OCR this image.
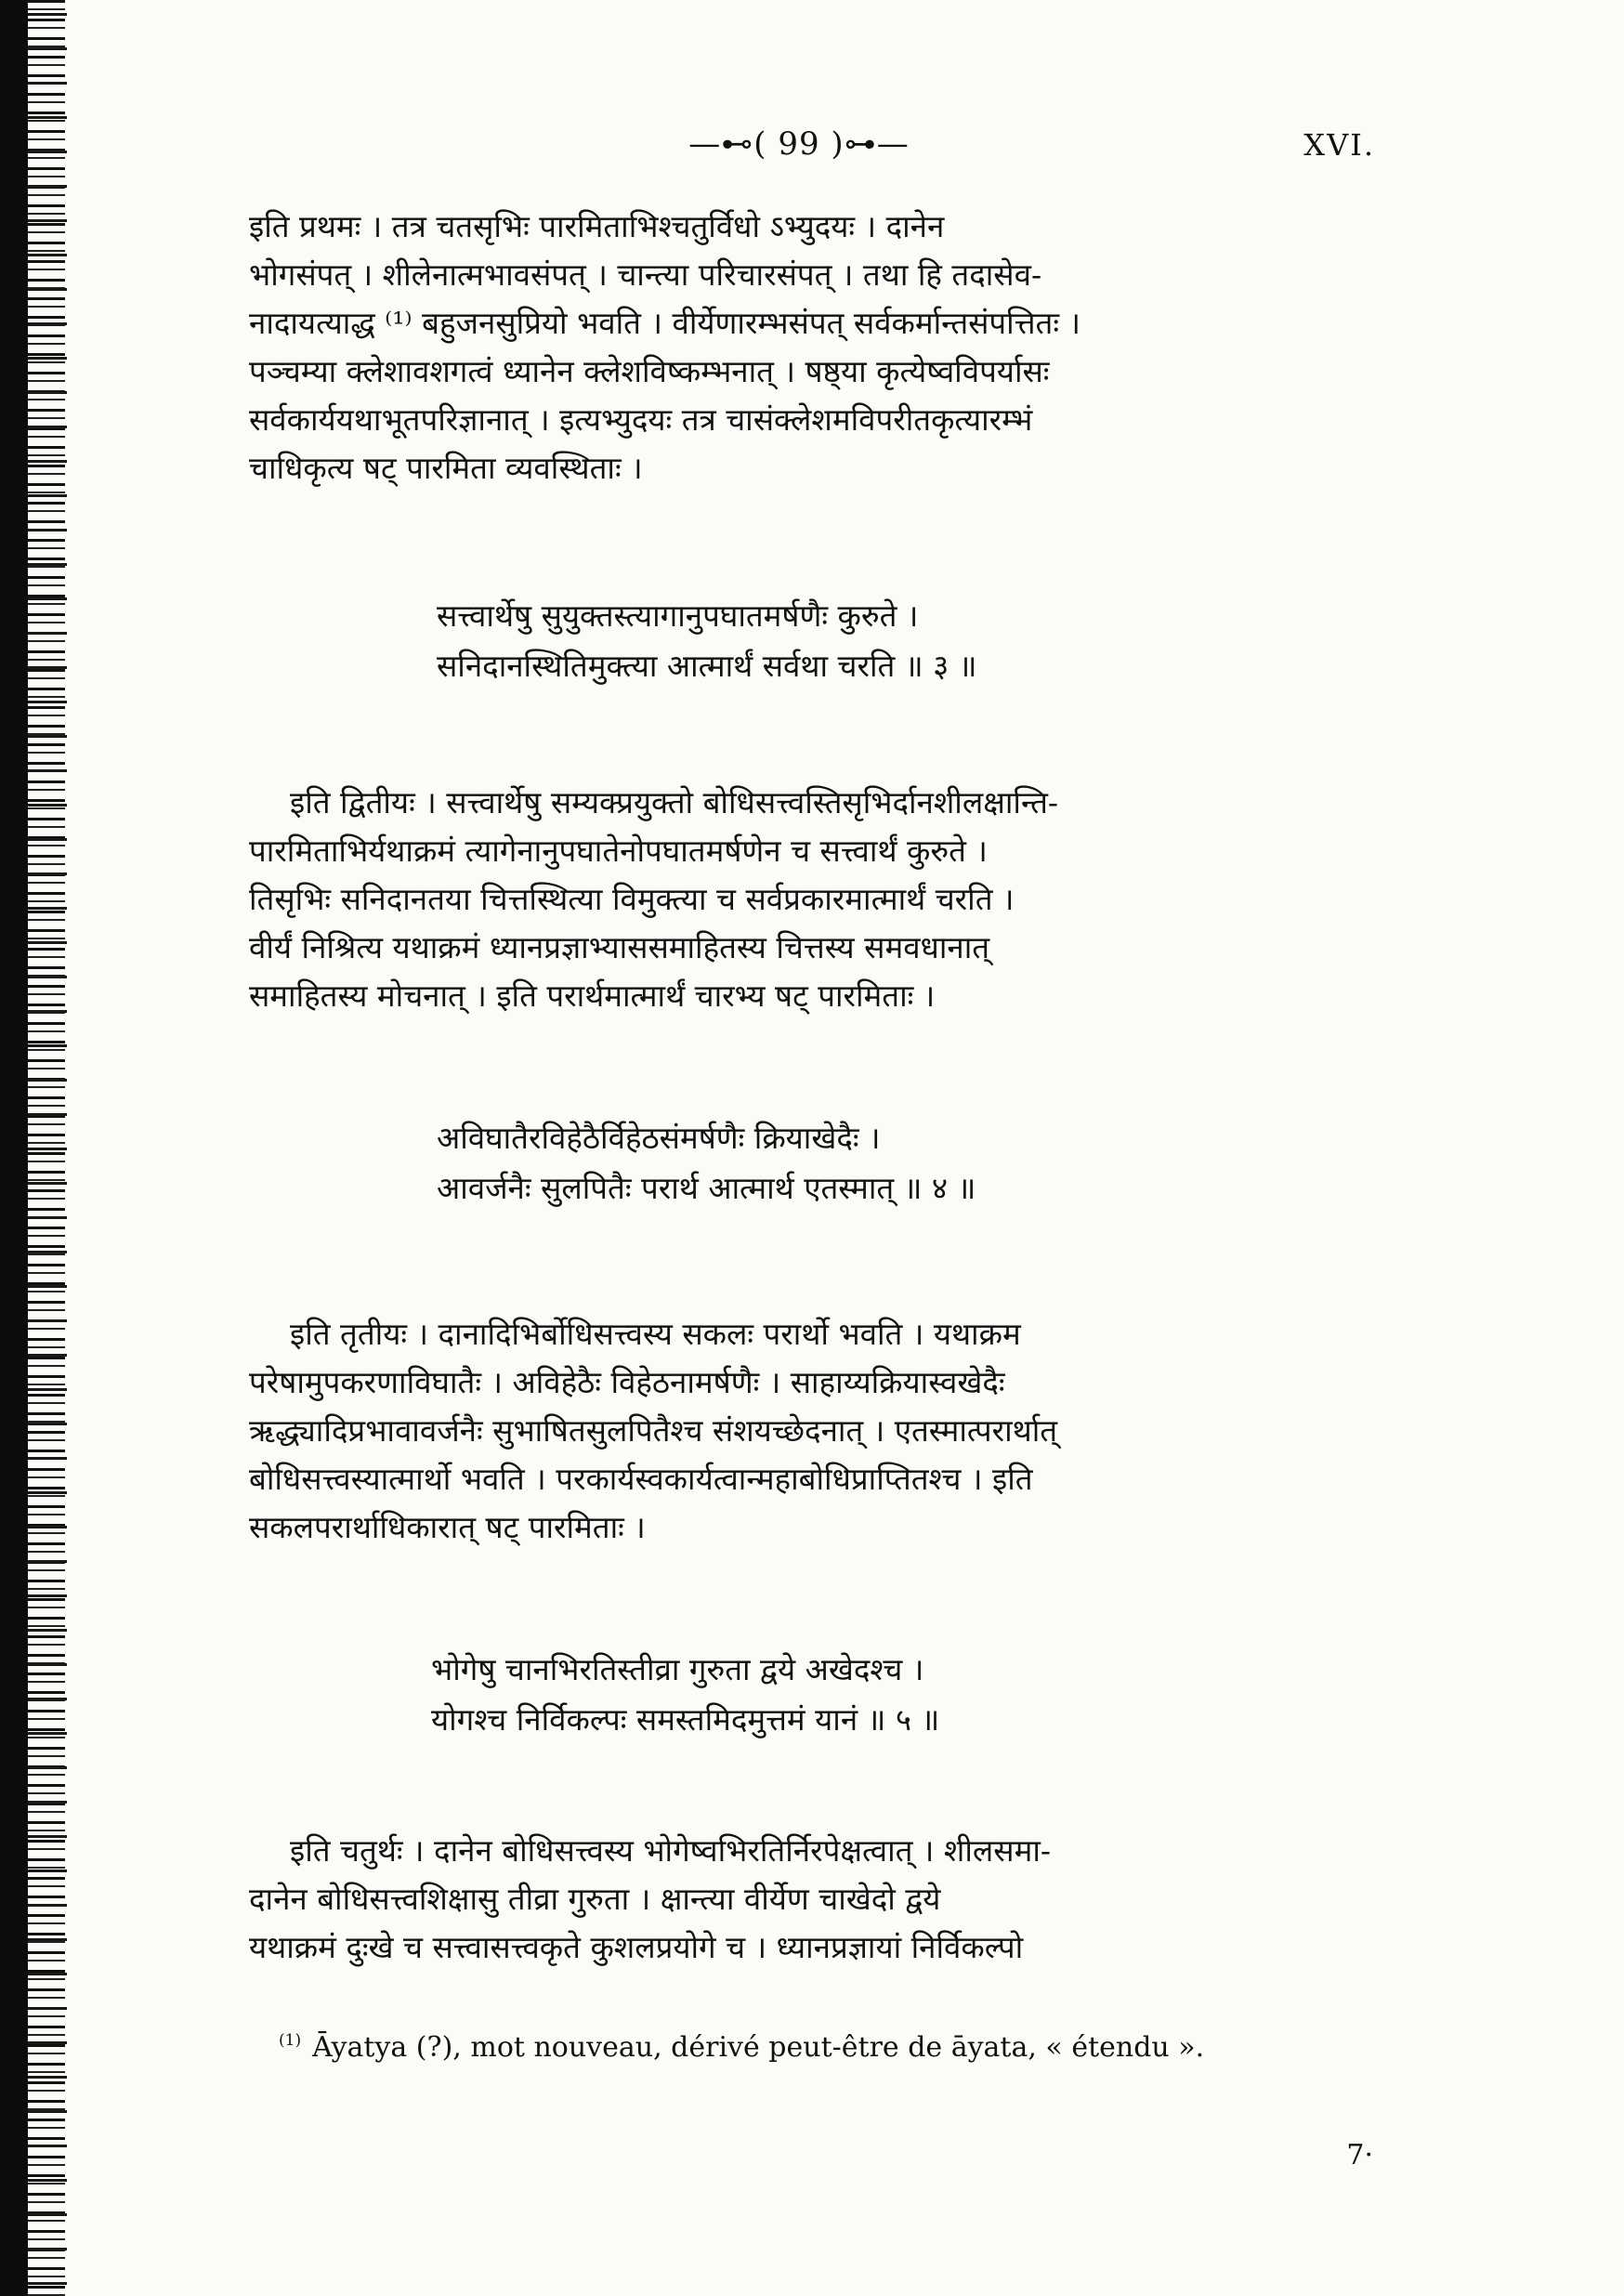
—⊷( 99 )⊶—	XVI.
इति प्रथमः । तत्र चतसृभिः पारमिताभिश्चतुर्विधो ऽभ्युदयः । दानेन
भोगसंपत् । शीलेनात्मभावसंपत् । चान्त्या परिचारसंपत् । तथा हि तदासेव-
नादायत्याद्ध ⁽¹⁾ बहुजनसुप्रियो भवति । वीर्येणारम्भसंपत् सर्वकर्मान्तसंपत्तितः ।
पञ्चम्या क्लेशावशगत्वं ध्यानेन क्लेशविष्कम्भनात् । षष्ठ्या कृत्येष्वविपर्यासः
सर्वकार्ययथाभूतपरिज्ञानात् । इत्यभ्युदयः तत्र चासंक्लेशमविपरीतकृत्यारम्भं
चाधिकृत्य षट् पारमिता व्यवस्थिताः ।
सत्त्वार्थेषु सुयुक्तस्त्यागानुपघातमर्षणैः कुरुते ।
सनिदानस्थितिमुक्त्या आत्मार्थं सर्वथा चरति ॥ ३ ॥
इति द्वितीयः । सत्त्वार्थेषु सम्यक्प्रयुक्तो बोधिसत्त्वस्तिसृभिर्दानशीलक्षान्ति-
पारमिताभिर्यथाक्रमं त्यागेनानुपघातेनोपघातमर्षणेन च सत्त्वार्थं कुरुते ।
तिसृभिः सनिदानतया चित्तस्थित्या विमुक्त्या च सर्वप्रकारमात्मार्थं चरति ।
वीर्यं निश्रित्य यथाक्रमं ध्यानप्रज्ञाभ्याससमाहितस्य चित्तस्य समवधानात्
समाहितस्य मोचनात् । इति परार्थमात्मार्थं चारभ्य षट् पारमिताः ।
अविघातैरविहेठैर्विहेठसंमर्षणैः क्रियाखेदैः ।
आवर्जनैः सुलपितैः परार्थ आत्मार्थ एतस्मात् ॥ ४ ॥
इति तृतीयः । दानादिभिर्बोधिसत्त्वस्य सकलः परार्थो भवति । यथाक्रम
परेषामुपकरणाविघातैः । अविहेठैः विहेठनामर्षणैः । साहाय्यक्रियास्वखेदैः
ऋद्ध्यादिप्रभावावर्जनैः सुभाषितसुलपितैश्च संशयच्छेदनात् । एतस्मात्परार्थात्
बोधिसत्त्वस्यात्मार्थो भवति । परकार्यस्वकार्यत्वान्महाबोधिप्राप्तितश्च । इति
सकलपरार्थाधिकारात् षट् पारमिताः ।
भोगेषु चानभिरतिस्तीव्रा गुरुता द्वये अखेदश्च ।
योगश्च निर्विकल्पः समस्तमिदमुत्तमं यानं ॥ ५ ॥
इति चतुर्थः । दानेन बोधिसत्त्वस्य भोगेष्वभिरतिर्निरपेक्षत्वात् । शीलसमा-
दानेन बोधिसत्त्वशिक्षासु तीव्रा गुरुता । क्षान्त्या वीर्येण चाखेदो द्वये
यथाक्रमं दुःखे च सत्त्वासत्त्वकृते कुशलप्रयोगे च । ध्यानप्रज्ञायां निर्विकल्पो
$^{(1)}$ Āyatya (?), mot nouveau, dérivé peut-être de āyata, « étendu ».
7·
